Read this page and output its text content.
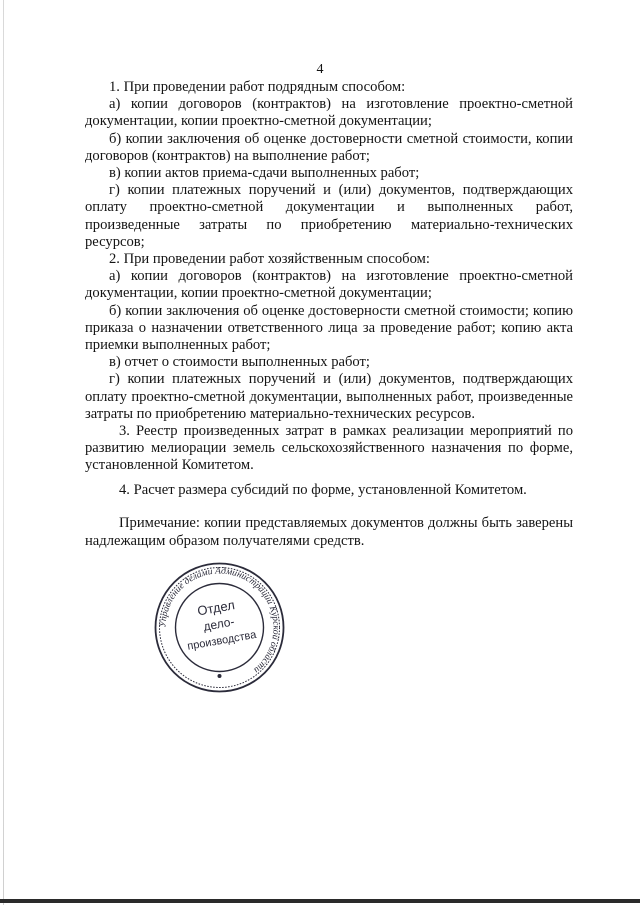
4

1. При проведении работ подрядным способом:

а) копии договоров (контрактов) на изготовление проектно-сметной документации, копии проектно-сметной документации;

б) копии заключения об оценке достоверности сметной стоимости, копии договоров (контрактов) на выполнение работ;

в) копии актов приема-сдачи выполненных работ;

г) копии платежных поручений и (или) документов, подтверждающих оплату проектно-сметной документации и выполненных работ, произведенные затраты по приобретению материально-технических ресурсов;

2. При проведении работ хозяйственным способом:

а) копии договоров (контрактов) на изготовление проектно-сметной документации, копии проектно-сметной документации;

б) копии заключения об оценке достоверности сметной стоимости; копию приказа о назначении ответственного лица за проведение работ; копию акта приемки выполненных работ;

в) отчет о стоимости выполненных работ;

г) копии платежных поручений и (или) документов, подтверждающих оплату проектно-сметной документации, выполненных работ, произведенные затраты по приобретению материально-технических ресурсов.

3. Реестр произведенных затрат в рамках реализации мероприятий по развитию мелиорации земель сельскохозяйственного назначения по форме, установленной Комитетом.

4. Расчет размера субсидий по форме, установленной Комитетом.

Примечание: копии представляемых документов должны быть заверены надлежащим образом получателями средств.

Управление делами Администрации Курской области
Отдел
дело-
производства
